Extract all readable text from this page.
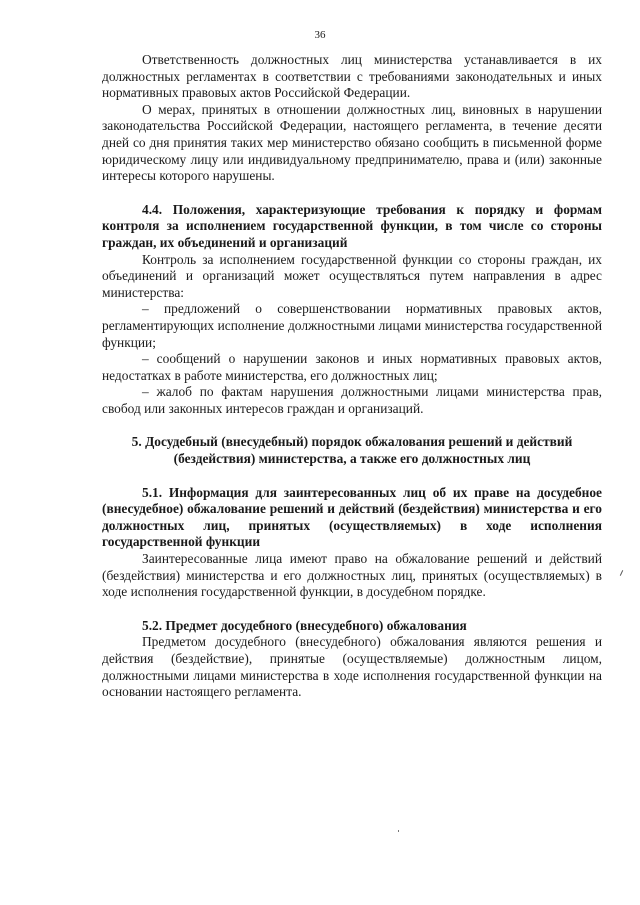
36

Ответственность должностных лиц министерства устанавливается в их должностных регламентах в соответствии с требованиями законодательных и иных нормативных правовых актов Российской Федерации.

О мерах, принятых в отношении должностных лиц, виновных в нарушении законодательства Российской Федерации, настоящего регламента, в течение десяти дней со дня принятия таких мер министерство обязано сообщить в письменной форме юридическому лицу или индивидуальному предпринимателю, права и (или) законные интересы которого нарушены.

4.4. Положения, характеризующие требования к порядку и формам контроля за исполнением государственной функции, в том числе со стороны граждан, их объединений и организаций

Контроль за исполнением государственной функции со стороны граждан, их объединений и организаций может осуществляться путем направления в адрес министерства:

– предложений о совершенствовании нормативных правовых актов, регламентирующих исполнение должностными лицами министерства государственной функции;

– сообщений о нарушении законов и иных нормативных правовых актов, недостатках в работе министерства, его должностных лиц;

– жалоб по фактам нарушения должностными лицами министерства прав, свобод или законных интересов граждан и организаций.

5. Досудебный (внесудебный) порядок обжалования решений и действий (бездействия) министерства, а также его должностных лиц
5.1. Информация для заинтересованных лиц об их праве на досудебное (внесудебное) обжалование решений и действий (бездействия) министерства и его должностных лиц, принятых (осуществляемых) в ходе исполнения государственной функции

Заинтересованные лица имеют право на обжалование решений и действий (бездействия) министерства и его должностных лиц, принятых (осуществляемых) в ходе исполнения государственной функции, в досудебном порядке.

5.2. Предмет досудебного (внесудебного) обжалования

Предметом досудебного (внесудебного) обжалования являются решения и действия (бездействие), принятые (осуществляемые) должностным лицом, должностными лицами министерства в ходе исполнения государственной функции на основании настоящего регламента.
